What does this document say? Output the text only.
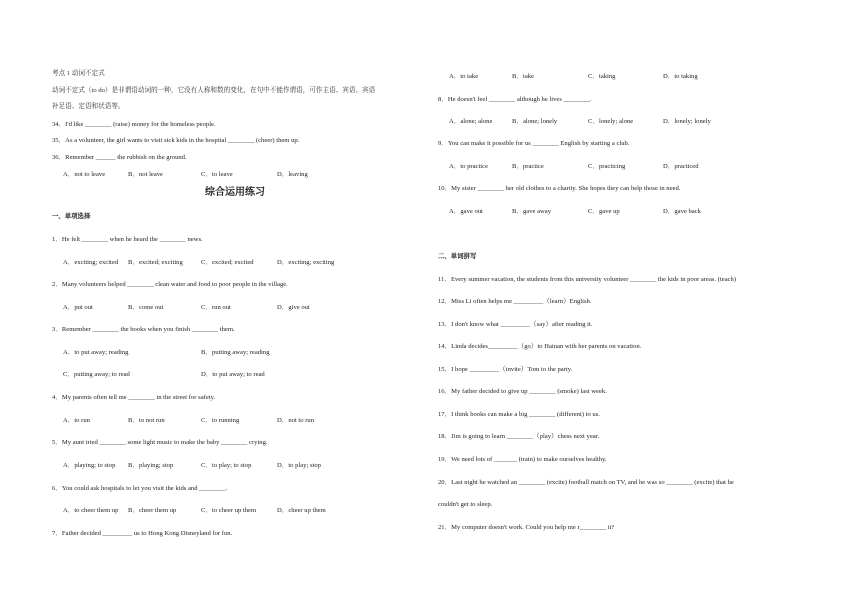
考点 1 动词不定式
动词不定式（to do）是非谓语动词的一种，它没有人称和数的变化，在句中不能作谓语，可作主语、宾语、宾语
补足语、定语和状语等。
34．I'd like ________ (raise) money for the homeless people.
35．As a volunteer, the girl wants to visit sick kids in the hospital ________ (cheer) them up.
36．Remember ______ the rubbish on the ground.
A．not to leave	B．not leave	C．to leave	D．leaving
综合运用练习
一、单项选择
1．He felt ________ when he heard the ________ news.
A．exciting; excited B．excited; exciting	C．excited; excited	D．exciting; exciting
2．Many volunteers helped ________ clean water and food to poor people in the village.
A．put out	B．come out	C．run out	D．give out
3．Remember ________ the books when you finish ________ them.
A．to put away; reading	B．putting away; reading
C．putting away; to read	D．to put away; to read
4．My parents often tell me ________ in the street for safety.
A．to run	B．to not run	C．to running	D．not to run
5．My aunt tried ________ some light music to make the baby ________ crying.
A．playing; to stop B．playing; stop	C．to play; to stop	D．to play; stop
6．You could ask hospitals to let you visit the kids and ________.
A．to cheer them up B．cheer them up	C．to cheer up them	D．cheer up them
7．Father decided _________ us to Hong Kong Disneyland for fun.
A．to take	B．take	C．taking	D．to taking
8．He doesn't feel ________ although he lives ________.
A．alone; alone	B．alone; lonely	C．lonely; alone	D．lonely; lonely
9．You can make it possible for us ________ English by starting a club.
A．to practice	B．practice	C．practicing	D．practiced
10．My sister ________ her old clothes to a charity. She hopes they can help those in need.
A．gave out	B．gave away	C．gave up	D．gave back
二、单词拼写
11．Every summer vacation, the students from this university volunteer ________ the kids in poor areas. (teach)
12．Miss Li often helps me _________（learn）English.
13．I don't know what _________（say）after reading it.
14．Linda decides_________（go）to Hainan with her parents on vacation.
15．I hope _________（invite）Tom to the party.
16．My father decided to give up ________ (smoke) last week.
17．I think books can make a big ________ (different) to us.
18．Jim is going to learn ________（play）chess next year.
19．We need lots of _______ (train) to make ourselves healthy.
20．Last night he watched an ________ (excite) football match on TV, and he was so ________ (excite) that he
couldn't get to sleep.
21．My computer doesn't work. Could you help me r________ it?
